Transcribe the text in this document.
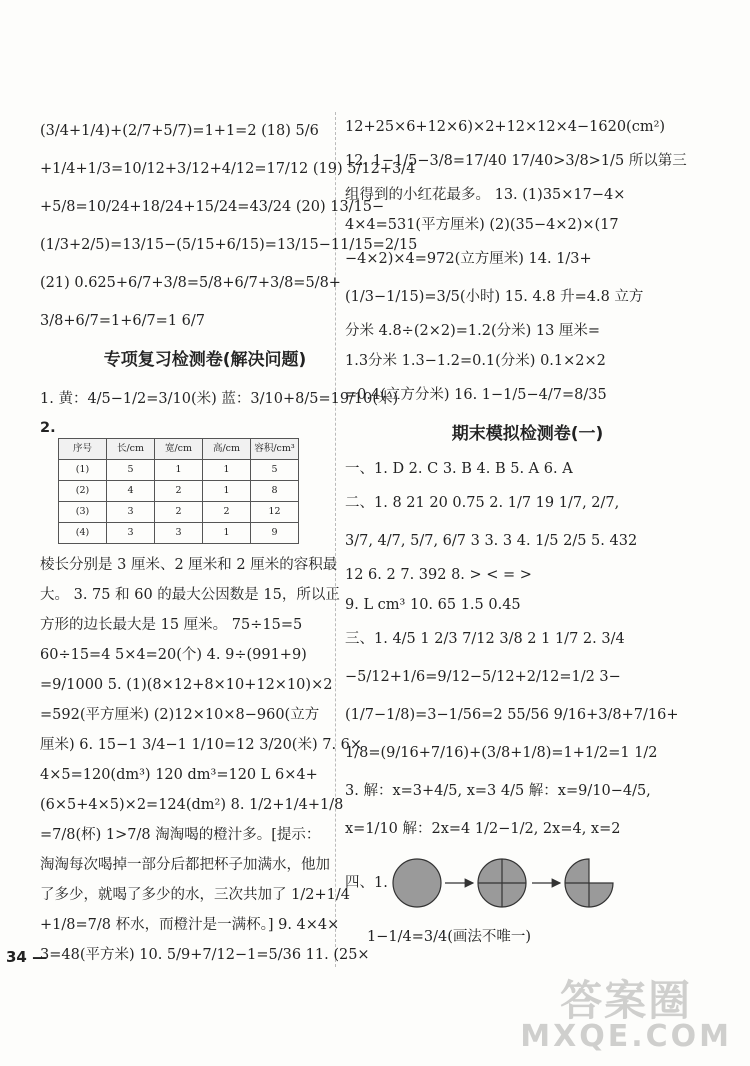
(3/4+1/4)+(2/7+5/7)=1+1=2 (18) 5/6
+1/4+1/3=10/12+3/12+4/12=17/12 (19) 5/12+3/4
+5/8=10/24+18/24+15/24=43/24 (20) 13/15−
(1/3+2/5)=13/15−(5/15+6/15)=13/15−11/15=2/15
(21) 0.625+6/7+3/8=5/8+6/7+3/8=5/8+
3/8+6/7=1+6/7=1 6/7
专项复习检测卷(解决问题)
1. 黄：4/5−1/2=3/10(米) 蓝：3/10+8/5=19/10(米)
2.
序号	长/cm	宽/cm	高/cm	容积/cm³
(1)	5	1	1	5
(2)	4	2	1	8
(3)	3	2	2	12
(4)	3	3	1	9
棱长分别是 3 厘米、2 厘米和 2 厘米的容积最
大。 3. 75 和 60 的最大公因数是 15，所以正
方形的边长最大是 15 厘米。 75÷15=5
60÷15=4 5×4=20(个) 4. 9÷(991+9)
=9/1000 5. (1)(8×12+8×10+12×10)×2
=592(平方厘米) (2)12×10×8−960(立方
厘米) 6. 15−1 3/4−1 1/10=12 3/20(米) 7. 6×
4×5=120(dm³) 120 dm³=120 L 6×4+
(6×5+4×5)×2=124(dm²) 8. 1/2+1/4+1/8
=7/8(杯) 1>7/8 淘淘喝的橙汁多。[提示：
淘淘每次喝掉一部分后都把杯子加满水，他加
了多少，就喝了多少的水，三次共加了 1/2+1/4
+1/8=7/8 杯水，而橙汁是一满杯。] 9. 4×4×
3=48(平方米) 10. 5/9+7/12−1=5/36 11. (25×
12+25×6+12×6)×2+12×12×4−1620(cm²)
12. 1−1/5−3/8=17/40 17/40>3/8>1/5 所以第三
组得到的小红花最多。 13. (1)35×17−4×
4×4=531(平方厘米) (2)(35−4×2)×(17
−4×2)×4=972(立方厘米) 14. 1/3+
(1/3−1/15)=3/5(小时) 15. 4.8 升=4.8 立方
分米 4.8÷(2×2)=1.2(分米) 13 厘米=
1.3分米 1.3−1.2=0.1(分米) 0.1×2×2
=0.4(立方分米) 16. 1−1/5−4/7=8/35
期末模拟检测卷(一)
一、1. D 2. C 3. B 4. B 5. A 6. A
二、1. 8 21 20 0.75 2. 1/7 19 1/7, 2/7,
3/7, 4/7, 5/7, 6/7 3 3. 3 4. 1/5 2/5 5. 432
12 6. 2 7. 392 8. > < = >
9. L cm³ 10. 65 1.5 0.45
三、1. 4/5 1 2/3 7/12 3/8 2 1 1/7 2. 3/4
−5/12+1/6=9/12−5/12+2/12=1/2 3−
(1/7−1/8)=3−1/56=2 55/56 9/16+3/8+7/16+
1/8=(9/16+7/16)+(3/8+1/8)=1+1/2=1 1/2
3. 解：x=3+4/5, x=3 4/5 解：x=9/10−4/5,
x=1/10 解：2x=4 1/2−1/2, 2x=4, x=2
四、1.
1−1/4=3/4(画法不唯一)
34 —
答案圈
MXQE.COM
